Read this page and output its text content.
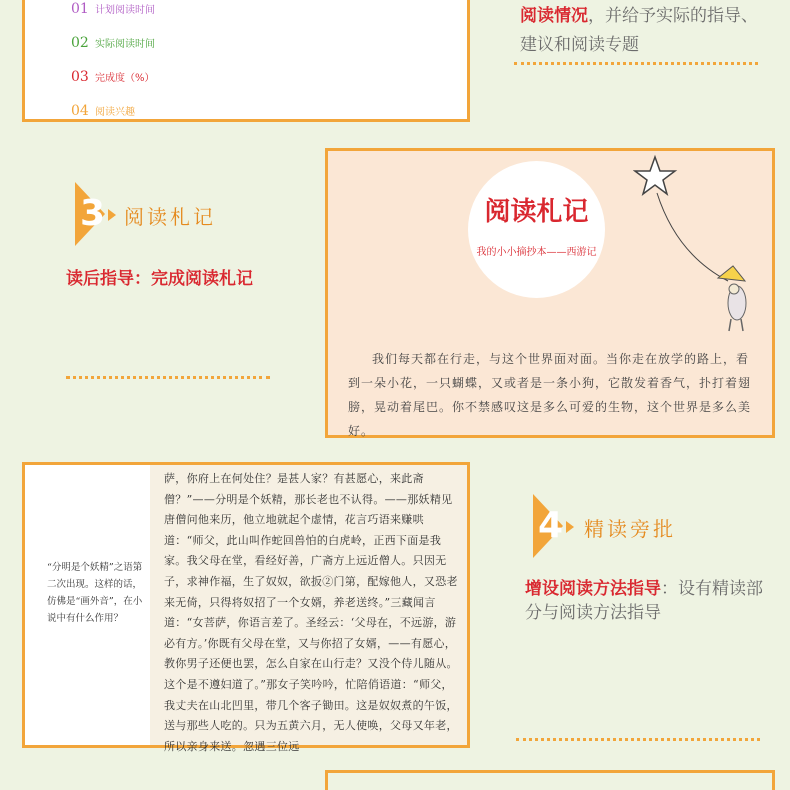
01 计划阅读时间
02 实际阅读时间
03 完成度（%）
04 阅读兴趣
阅读情况，并给予实际的指导、建议和阅读专题
3 阅读札记
读后指导：完成阅读札记
阅读札记
我的小小摘抄本——西游记
我们每天都在行走，与这个世界面对面。当你走在放学的路上，看到一朵小花，一只蝴蝶，又或者是一条小狗，它散发着香气，扑打着翅膀，晃动着尾巴。你不禁感叹这是多么可爱的生物，这个世界是多么美好。
“分明是个妖精”之语第二次出现。这样的话，仿佛是“画外音”，在小说中有什么作用？
萨，你府上在何处住？是甚人家？有甚愿心，来此斋僧？”——分明是个妖精，那长老也不认得。——那妖精见唐僧问他来历，他立地就起个虚情，花言巧语来赚哄道：“师父，此山叫作蛇回兽怕的白虎岭，正西下面是我家。我父母在堂，看经好善，广斋方上远近僧人。只因无子，求神作福，生了奴奴，欲扳②门第，配嫁他人，又恐老来无倚，只得将奴招了一个女婿，养老送终。”三藏闻言道：“女菩萨，你语言差了。圣经云：‘父母在，不远游，游必有方。’你既有父母在堂，又与你招了女婿，——有愿心，教你男子还便也罢，怎么自家在山行走？又没个侍儿随从。这个是不遵妇道了。”那女子笑吟吟，忙陪俏语道：“师父，我丈夫在山北凹里，带几个客子锄田。这是奴奴煮的午饭，送与那些人吃的。只为五黄六月，无人使唤，父母又年老，所以亲身来送。忽遇三位远
4 精读旁批
增设阅读方法指导：设有精读部分与阅读方法指导
